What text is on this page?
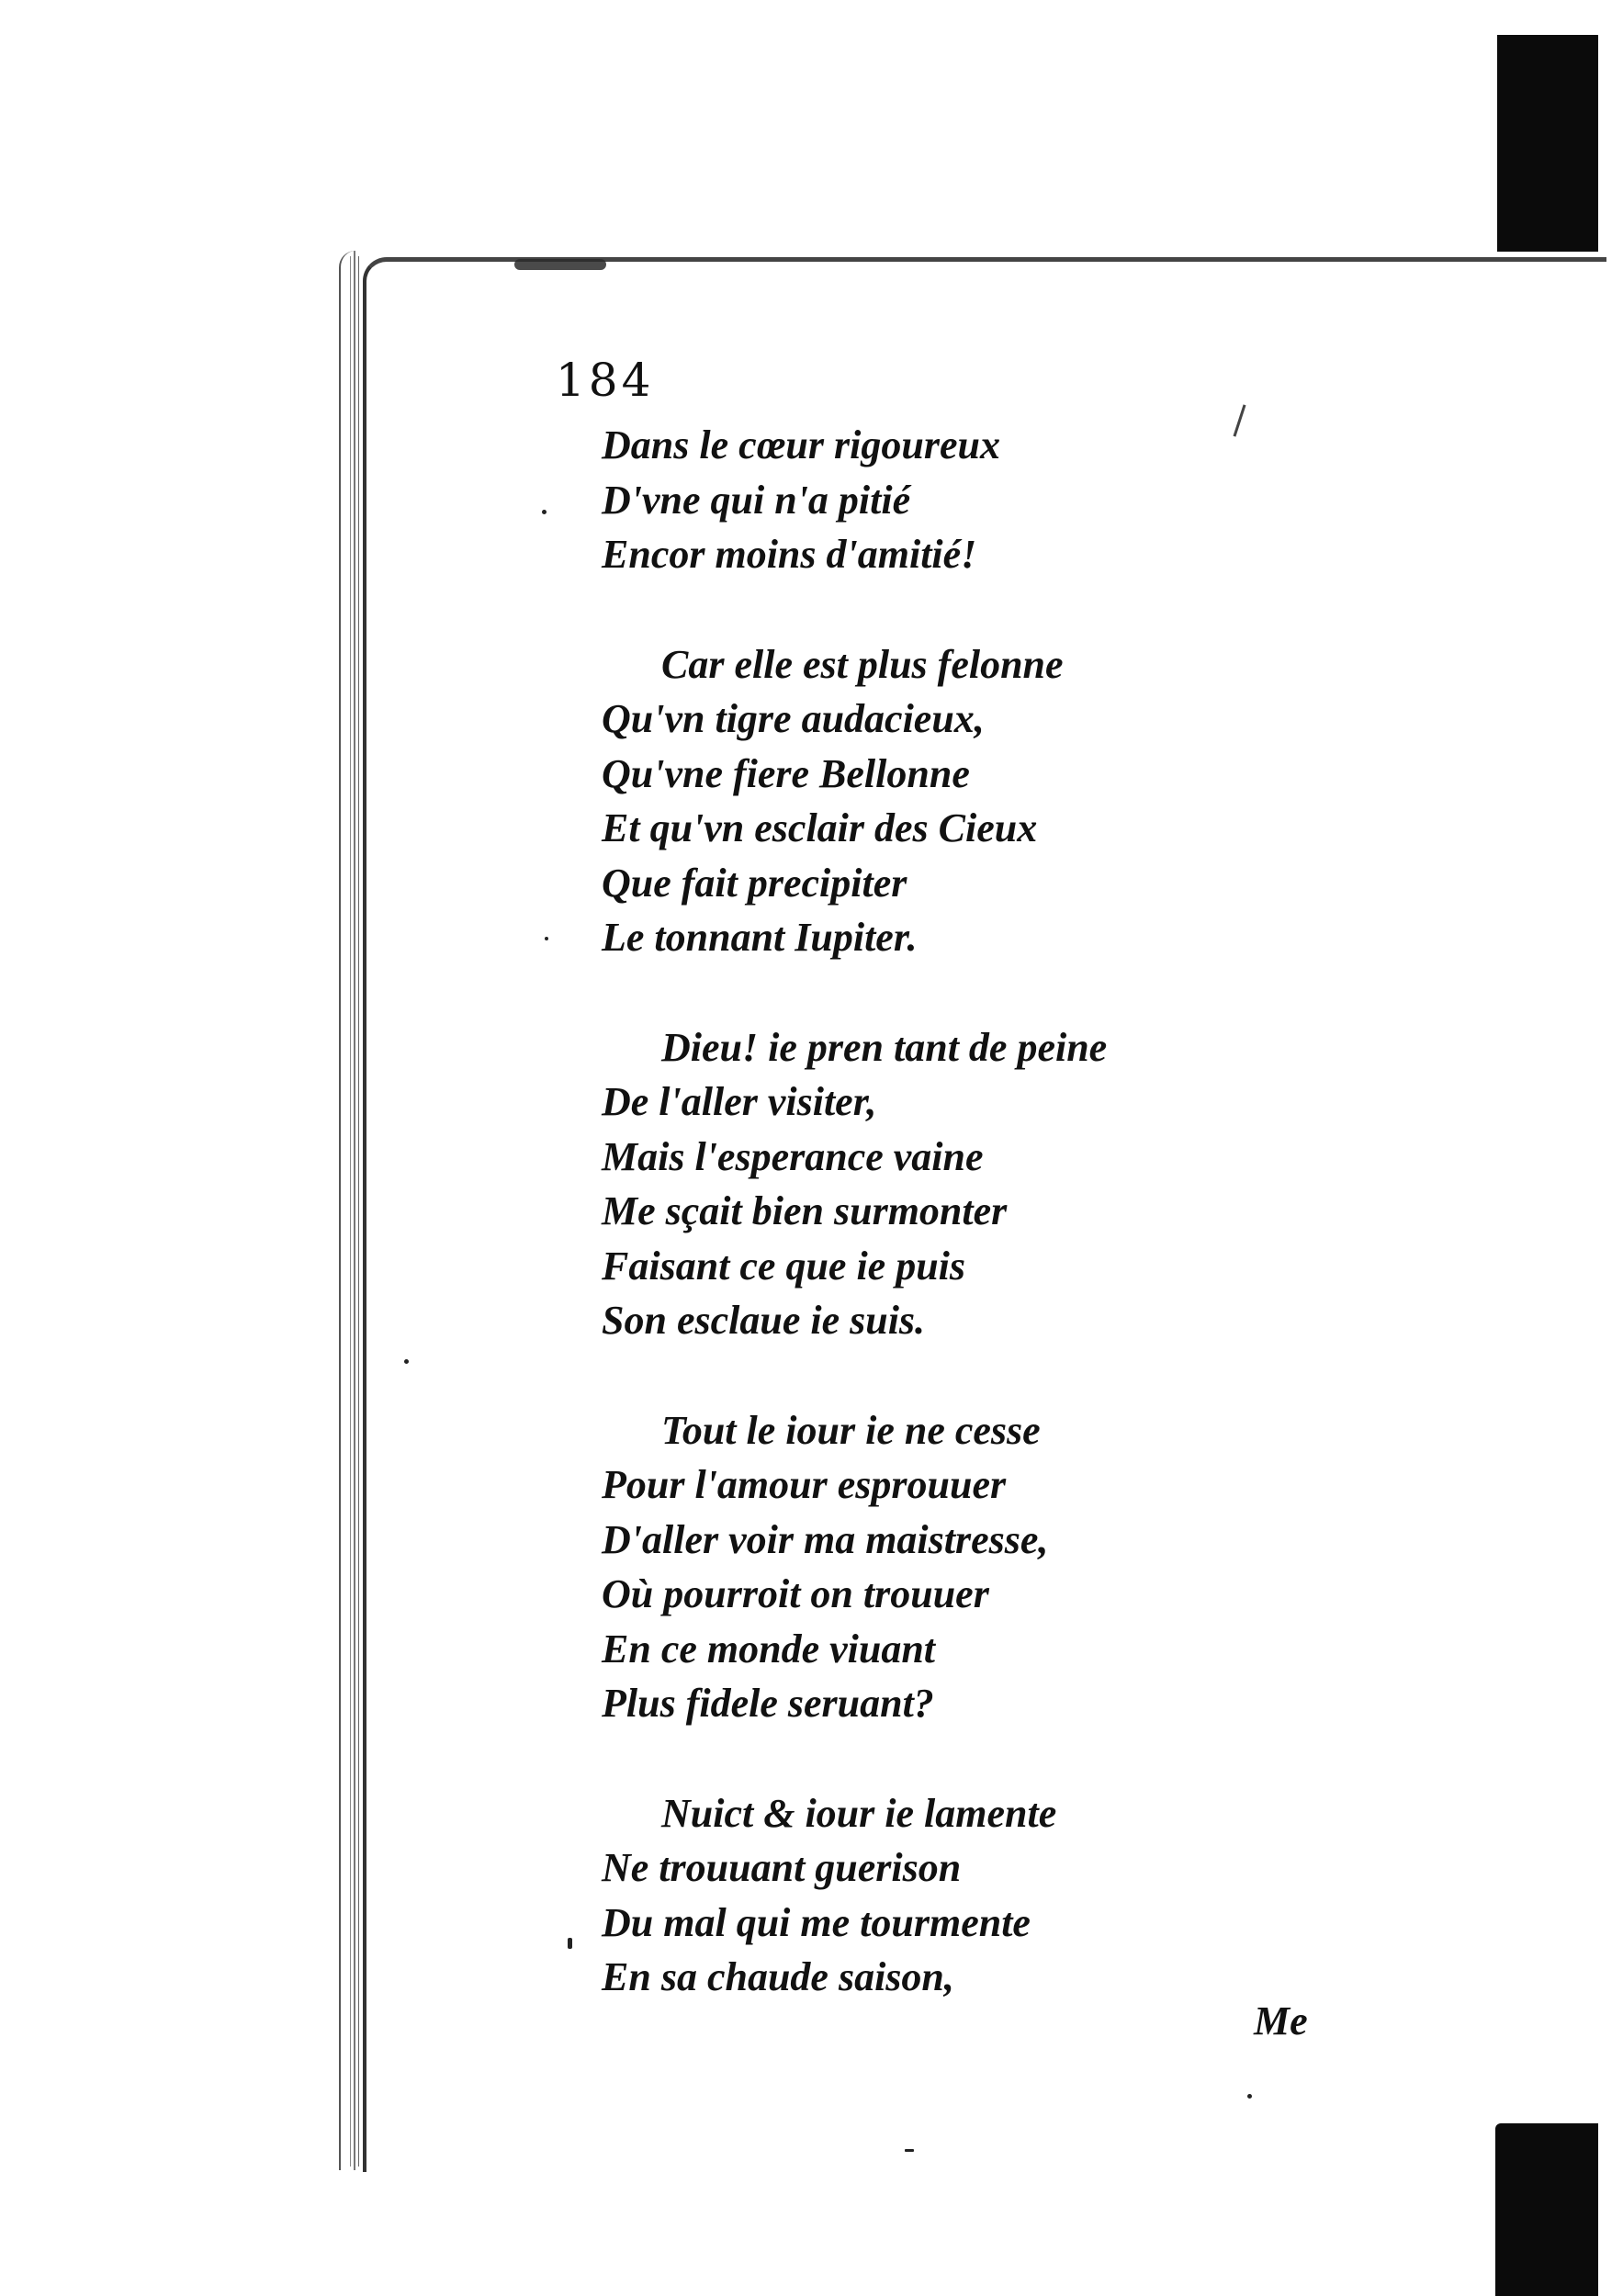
184
Dans le cœur rigoureux
D'vne qui n'a pitié
Encor moins d'amitié!
Car elle est plus felonne
Qu'vn tigre audacieux,
Qu'vne fiere Bellonne
Et qu'vn esclair des Cieux
Que fait precipiter
Le tonnant Iupiter.
Dieu! ie pren tant de peine
De l'aller visiter,
Mais l'esperance vaine
Me sçait bien surmonter
Faisant ce que ie puis
Son esclaue ie suis.
Tout le iour ie ne cesse
Pour l'amour esprouuer
D'aller voir ma maistresse,
Où pourroit on trouuer
En ce monde viuant
Plus fidele seruant?
Nuict & iour ie lamente
Ne trouuant guerison
Du mal qui me tourmente
En sa chaude saison,
Me
